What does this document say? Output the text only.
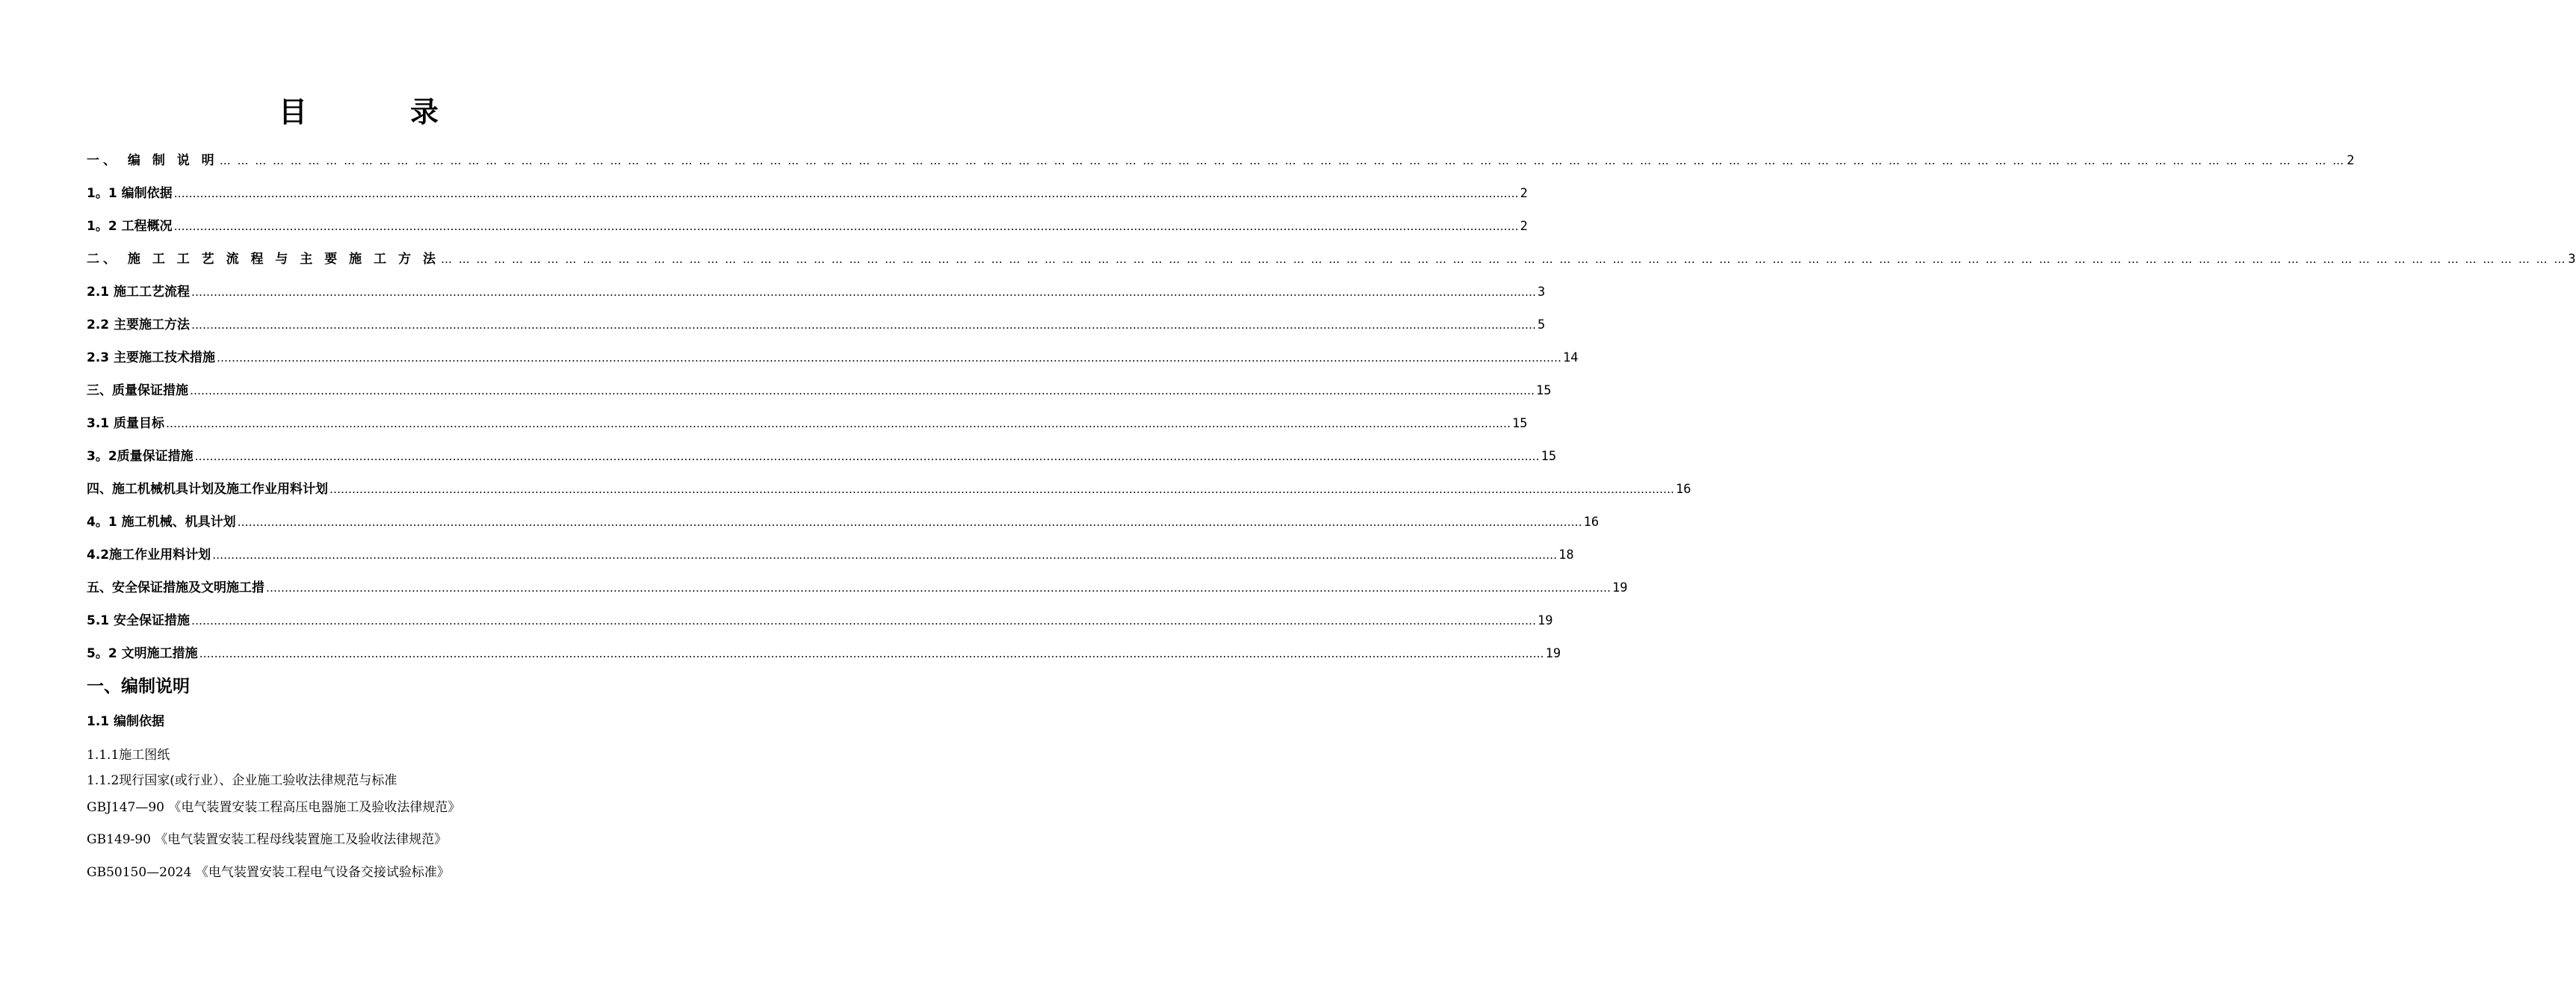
目　录
一、 编 制 说 明 … … … … … … … … … … … … … … … … … … … … … … … … … … … … … … … … … … … … … … … … … … … … … … … … … … … … … … … … … … … … … … … … … … … … … … … … … … … … … … … … … … … … … … … … … … … … … … … … … … … … … … … … … … … … … … … … … … … … … … … … 2
1。1 编制依据 ……………………………………………………………………………………………………………………………………………………………………………………………………………………………………………………………………………………………………………………………… 2
1。2 工程概况 ……………………………………………………………………………………………………………………………………………………………………………………………………………………………………………………………………………………………………………………………… 2
二、 施 工 工 艺 流 程 与 主 要 施 工 方 法 … … … … … … … … … … … … … … … … … … … … … … … … … … … … … … … … … … … … … … … … … … … … … … … … … … … … … … … … … … … … … … … … … … … … … … … … … … … … … … … … … … … … … … … … … … … … … … … … … … … … … … … … … … … … … … … … … … … … … … … … 3
2.1 施工工艺流程 ……………………………………………………………………………………………………………………………………………………………………………………………………………………………………………………………………………………………………………………………… 3
2.2 主要施工方法 ……………………………………………………………………………………………………………………………………………………………………………………………………………………………………………………………………………………………………………………………… 5
2.3 主要施工技术措施 ……………………………………………………………………………………………………………………………………………………………………………………………………………………………………………………………………………………………………………………………… 14
三、质量保证措施 ……………………………………………………………………………………………………………………………………………………………………………………………………………………………………………………………………………………………………………………………… 15
3.1 质量目标 ……………………………………………………………………………………………………………………………………………………………………………………………………………………………………………………………………………………………………………………………… 15
3。2质量保证措施 ……………………………………………………………………………………………………………………………………………………………………………………………………………………………………………………………………………………………………………………………… 15
四、施工机械机具计划及施工作业用料计划 ……………………………………………………………………………………………………………………………………………………………………………………………………………………………………………………………………………………………………………………………… 16
4。1 施工机械、机具计划 ……………………………………………………………………………………………………………………………………………………………………………………………………………………………………………………………………………………………………………………………… 16
4.2施工作业用料计划 ……………………………………………………………………………………………………………………………………………………………………………………………………………………………………………………………………………………………………………………………… 18
五、安全保证措施及文明施工措 ……………………………………………………………………………………………………………………………………………………………………………………………………………………………………………………………………………………………………………………………… 19
5.1 安全保证措施 ……………………………………………………………………………………………………………………………………………………………………………………………………………………………………………………………………………………………………………………………… 19
5。2 文明施工措施 ……………………………………………………………………………………………………………………………………………………………………………………………………………………………………………………………………………………………………………………………… 19
一、编制说明
1.1 编制依据
1.1.1施工图纸
1.1.2现行国家(或行业）、企业施工验收法律规范与标准
GBJ147—90 《电气装置安装工程高压电器施工及验收法律规范》
GB149-90 《电气装置安装工程母线装置施工及验收法律规范》
GB50150—2024 《电气装置安装工程电气设备交接试验标准》
